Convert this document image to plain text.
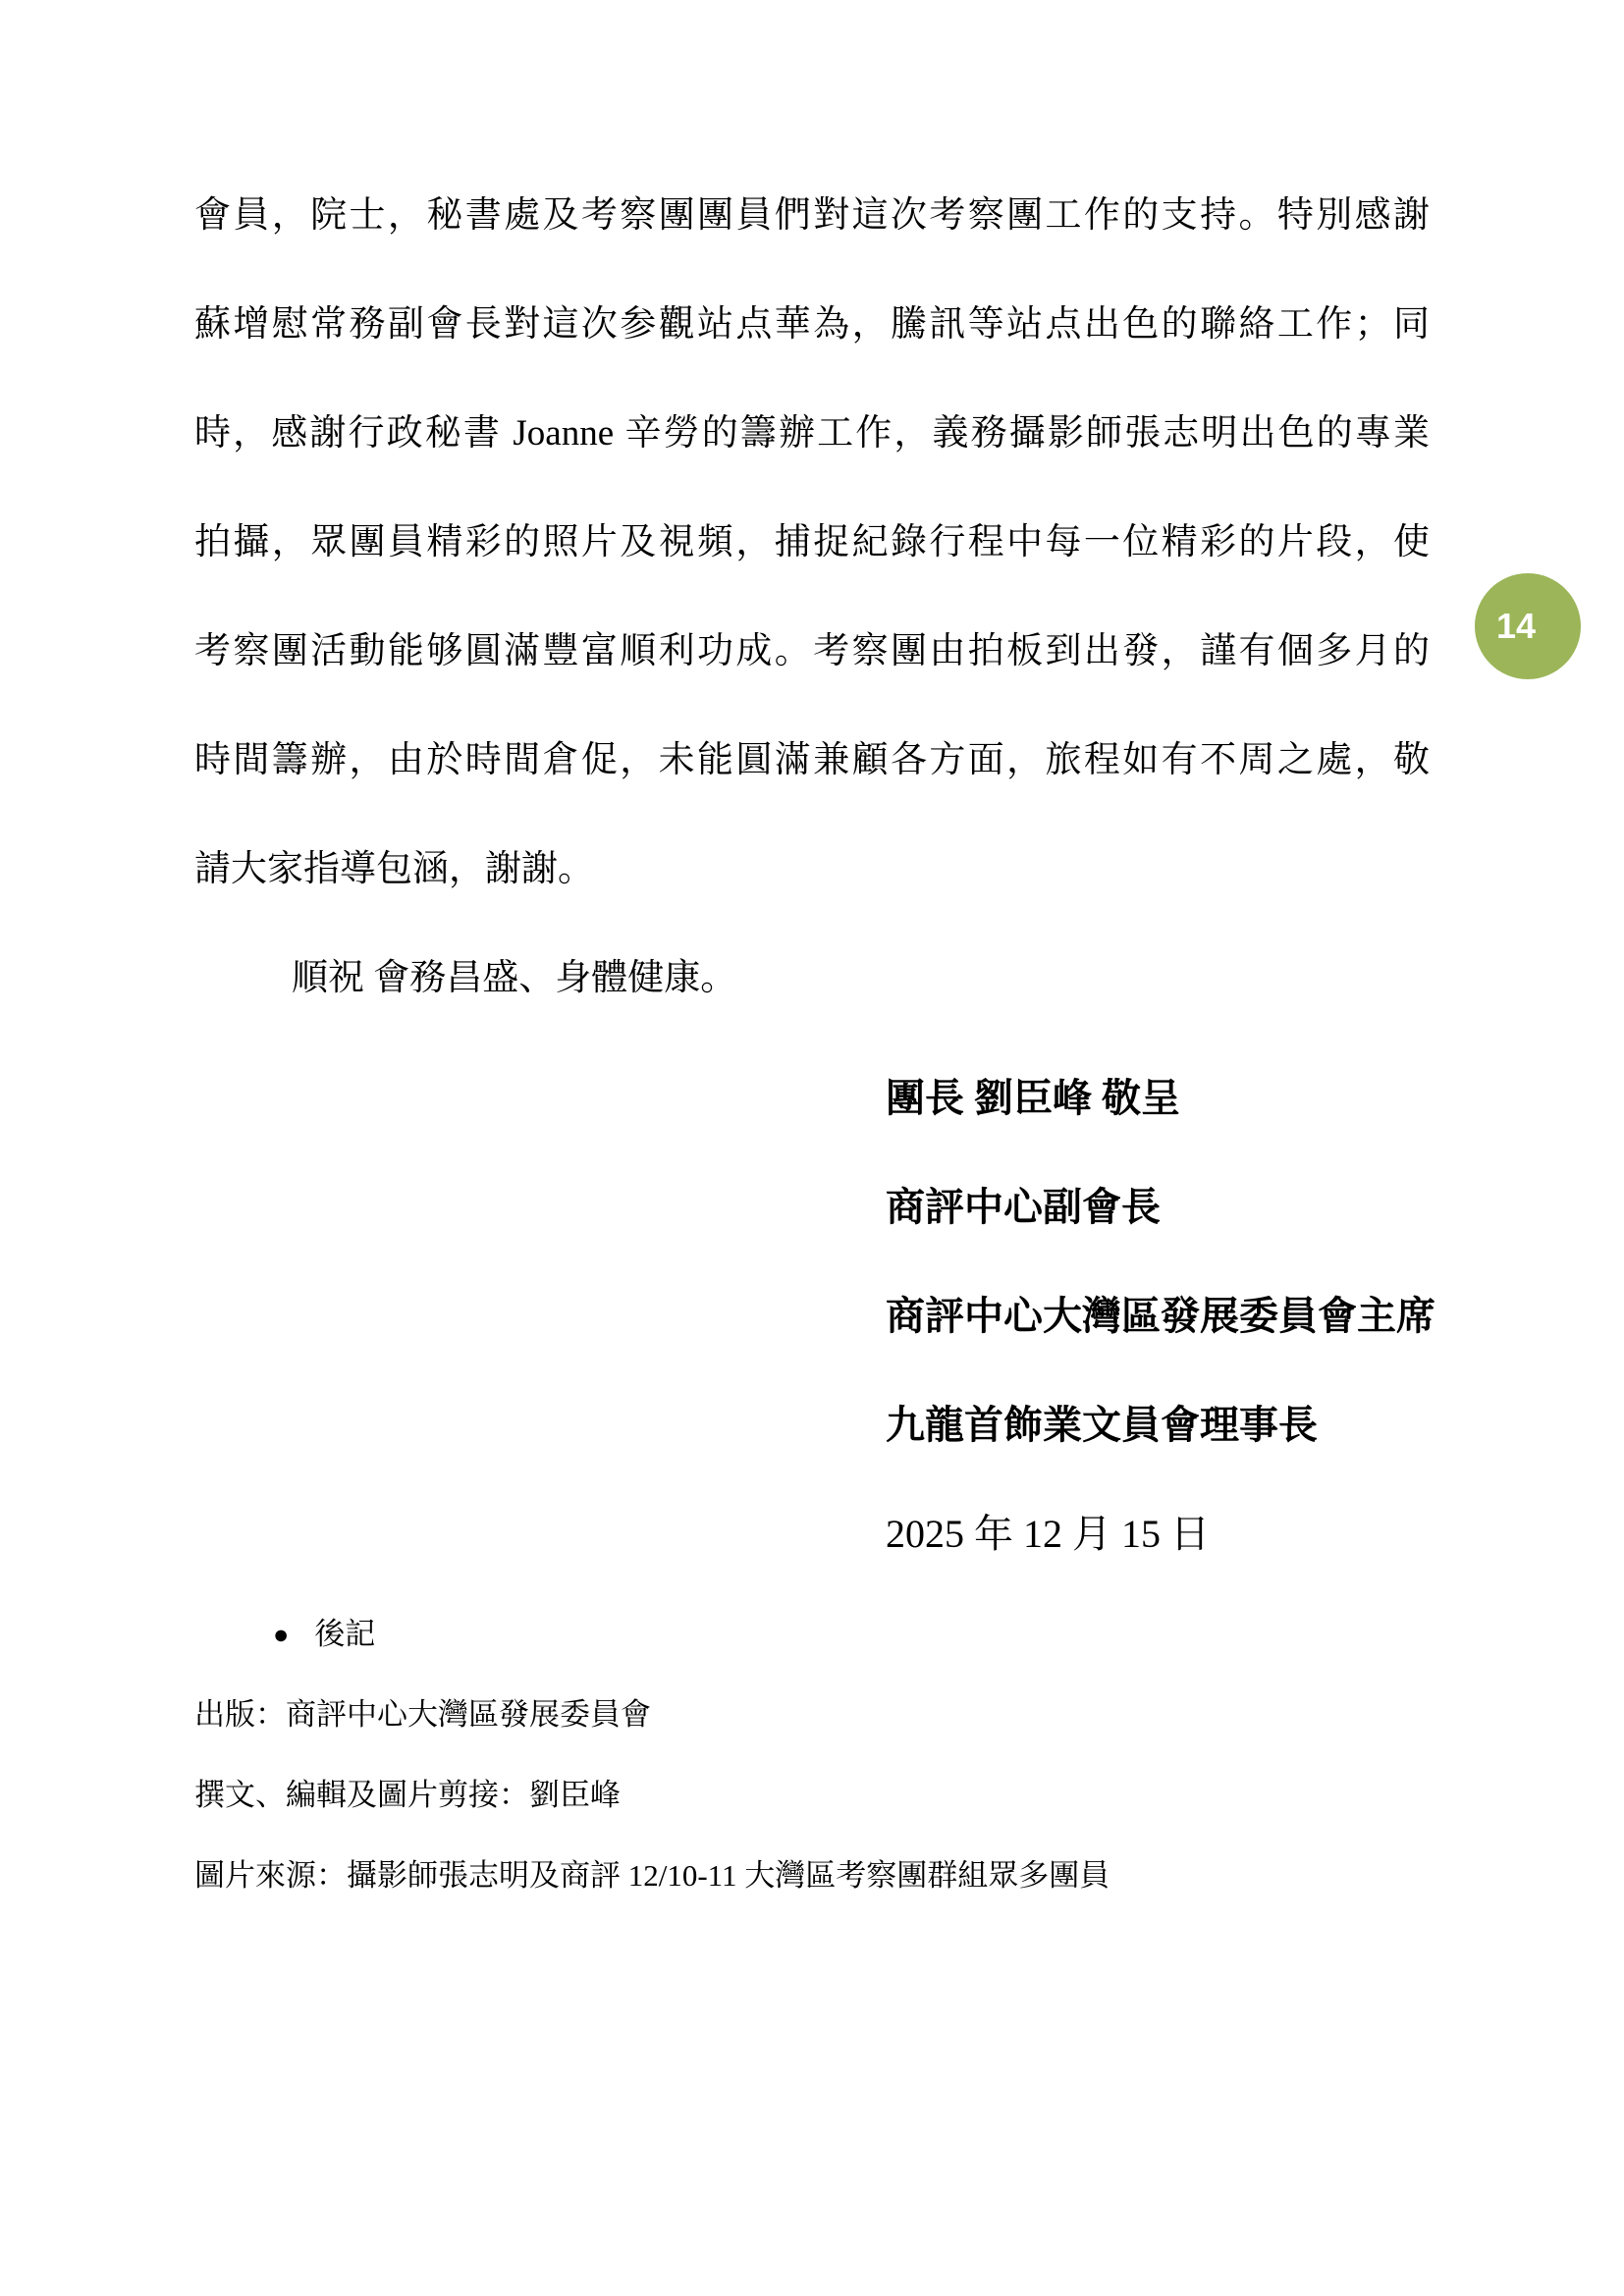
會員，院士，秘書處及考察團團員們對這次考察團工作的支持。特別感謝
蘇增慰常務副會長對這次参觀站点華為，騰訊等站点出色的聯絡工作；同
時，感謝行政秘書 Joanne 辛勞的籌辦工作，義務攝影師張志明出色的專業
拍攝，眾團員精彩的照片及視頻，捕捉紀錄行程中每一位精彩的片段，使
考察團活動能够圓滿豐富順利功成。考察團由拍板到出發，謹有個多月的
時間籌辦，由於時間倉促，未能圓滿兼顧各方面，旅程如有不周之處，敬
請大家指導包涵，謝謝。
順祝 會務昌盛、身體健康。
團長 劉臣峰 敬呈
商評中心副會長
商評中心大灣區發展委員會主席
九龍首飾業文員會理事長
2025 年 12 月 15 日
● 後記
出版：商評中心大灣區發展委員會
撰文、編輯及圖片剪接：劉臣峰
圖片來源：攝影師張志明及商評 12/10-11 大灣區考察團群組眾多團員
14
